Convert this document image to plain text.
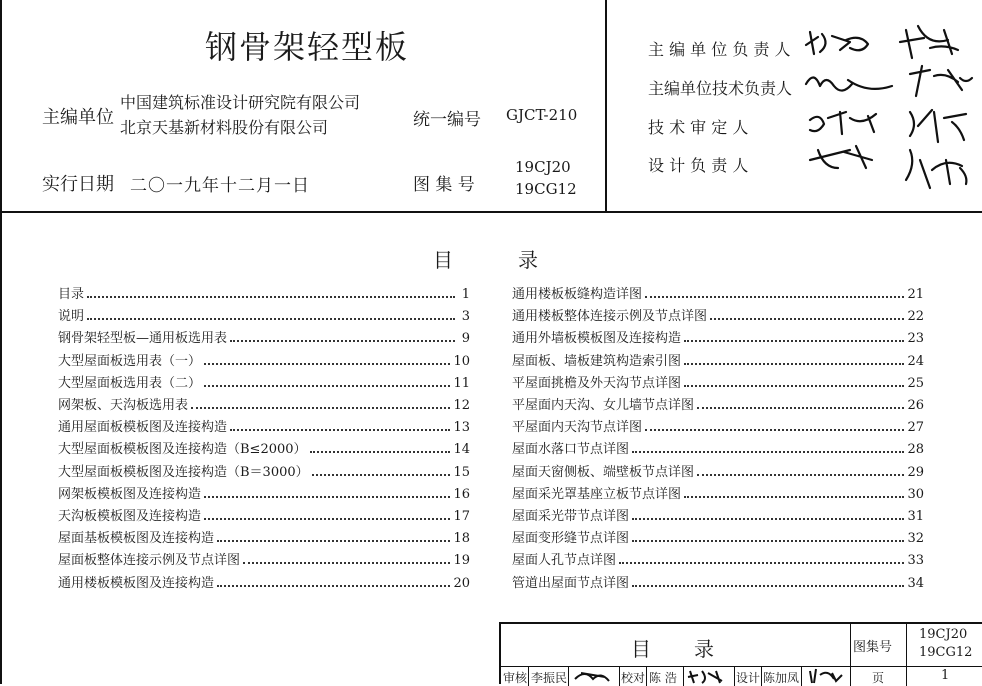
钢骨架轻型板
主编单位
中国建筑标准设计研究院有限公司
北京天基新材料股份有限公司	统一编号 GJCT-210
实行日期 二〇一九年十二月一日	图 集 号
19CJ20
19CG12
主 编 单 位 负 责 人
主编单位技术负责人
技 术 审 定 人
设 计 负 责 人
目	录
目录	1
说明	3
钢骨架轻型板—通用板选用表	9
大型屋面板选用表（一）	10
大型屋面板选用表（二）	11
网架板、天沟板选用表	12
通用屋面板模板图及连接构造	13
大型屋面板模板图及连接构造（B≤2000）	14
大型屋面板模板图及连接构造（B＝3000）	15
网架板模板图及连接构造	16
天沟板模板图及连接构造	17
屋面基板模板图及连接构造	18
屋面板整体连接示例及节点详图	19
通用楼板模板图及连接构造	20
通用楼板板缝构造详图	21
通用楼板整体连接示例及节点详图	22
通用外墙板模板图及连接构造	23
屋面板、墙板建筑构造索引图	24
平屋面挑檐及外天沟节点详图	25
平屋面内天沟、女儿墙节点详图	26
平屋面内天沟节点详图	27
屋面水落口节点详图	28
屋面天窗侧板、端壁板节点详图	29
屋面采光罩基座立板节点详图	30
屋面采光带节点详图	31
屋面变形缝节点详图	32
屋面人孔节点详图	33
管道出屋面节点详图	34
目 录	图集号
19CJ20
19CG12
审核 李振民	校对 陈 浩	设计 陈加凤	页	1
